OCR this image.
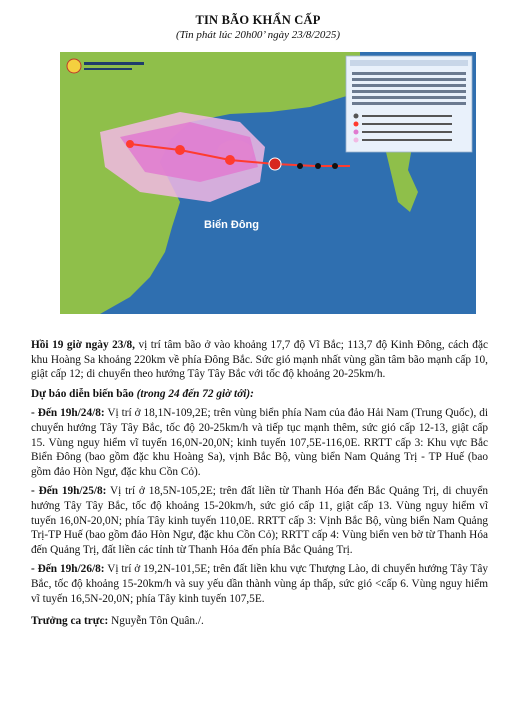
TIN BÃO KHẨN CẤP
(Tin phát lúc 20h00’ ngày 23/8/2025)
Biển Đông

Hồi 19 giờ ngày 23/8, vị trí tâm bão ở vào khoảng 17,7 độ Vĩ Bắc; 113,7 độ Kinh Đông, cách đặc khu Hoàng Sa khoảng 220km về phía Đông Bắc. Sức gió mạnh nhất vùng gần tâm bão mạnh cấp 10, giật cấp 12; di chuyển theo hướng Tây Tây Bắc với tốc độ khoảng 20-25km/h.

Dự báo diễn biến bão (trong 24 đến 72 giờ tới):

- Đến 19h/24/8: Vị trí ở 18,1N-109,2E; trên vùng biển phía Nam của đảo Hải Nam (Trung Quốc), di chuyển hướng Tây Tây Bắc, tốc độ 20-25km/h và tiếp tục mạnh thêm, sức gió cấp 12-13, giật cấp 15. Vùng nguy hiểm vĩ tuyến 16,0N-20,0N; kinh tuyến 107,5E-116,0E. RRTT cấp 3: Khu vực Bắc Biển Đông (bao gồm đặc khu Hoàng Sa), vịnh Bắc Bộ, vùng biển Nam Quảng Trị - TP Huế (bao gồm đảo Hòn Ngư, đặc khu Cồn Cỏ).

- Đến 19h/25/8: Vị trí ở 18,5N-105,2E; trên đất liền từ Thanh Hóa đến Bắc Quảng Trị, di chuyển hướng Tây Tây Bắc, tốc độ khoảng 15-20km/h, sức gió cấp 11, giật cấp 13. Vùng nguy hiểm vĩ tuyến 16,0N-20,0N; phía Tây kinh tuyến 110,0E. RRTT cấp 3: Vịnh Bắc Bộ, vùng biển Nam Quảng Trị-TP Huế (bao gồm đảo Hòn Ngư, đặc khu Cồn Cỏ); RRTT cấp 4: Vùng biển ven bờ từ Thanh Hóa đến Quảng Trị, đất liền các tỉnh từ Thanh Hóa đến phía Bắc Quảng Trị.

- Đến 19h/26/8: Vị trí ở 19,2N-101,5E; trên đất liền khu vực Thượng Lào, di chuyển hướng Tây Tây Bắc, tốc độ khoảng 15-20km/h và suy yếu dần thành vùng áp thấp, sức gió <cấp 6. Vùng nguy hiểm vĩ tuyến 16,5N-20,0N; phía Tây kinh tuyến 107,5E.

Trưởng ca trực: Nguyễn Tôn Quân./.
